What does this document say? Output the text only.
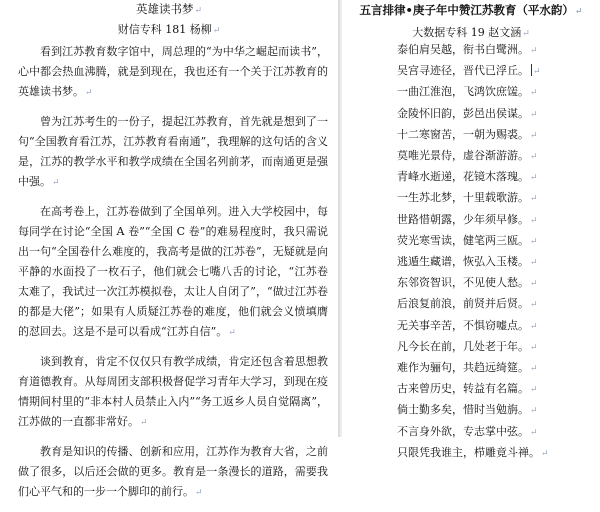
英雄读书梦↵

财信专科 181 杨柳↵

看到江苏教育数字馆中，周总理的“为中华之崛起而读书”，心中都会热血沸腾，就是到现在，我也还有一个关于江苏教育的英雄读书梦。↵

曾为江苏考生的一份子，提起江苏教育，首先就是想到了一句“全国教育看江苏，江苏教育看南通”，我理解的这句话的含义是，江苏的教学水平和教学成绩在全国名列前茅，而南通更是强中强。↵

在高考卷上，江苏卷做到了全国单列。进入大学校园中，每每同学在讨论“全国 A 卷”“全国 C 卷”的难易程度时，我只需说出一句“全国卷什么难度的，我高考是做的江苏卷”，无疑就是向平静的水面投了一枚石子，他们就会七嘴八舌的讨论，“江苏卷太难了，我试过一次江苏模拟卷，太让人自闭了”，“做过江苏卷的都是大佬”；如果有人质疑江苏卷的难度，他们就会义愤填膺的怼回去。这是不是可以看成“江苏自信”。↵

谈到教育，肯定不仅仅只有教学成绩，肯定还包含着思想教育道德教育。从每周团支部积极督促学习青年大学习，到现在疫情期间村里的“非本村人员禁止入内”“务工返乡人员自觉隔离”，江苏做的一直都非常好。↵

教育是知识的传播、创新和应用，江苏作为教育大省，之前做了很多，以后还会做的更多。教育是一条漫长的道路，需要我们心平气和的一步一个脚印的前行。↵

五言排律•庚子年中赞江苏教育（平水韵）↵

大数据专科 19 赵文涵↵

泰伯肩吴越，衔书白鹭洲。↵
吴宫寻迹径，晋代已浮丘。 ↵
一曲江淮泡，飞鸿饮庶馐。↵
金陵怀旧韵，彭邑出侯谋。↵
十二寒窗苦，一朝为赐裘。↵
莫唯光景侍，虚谷渐游游。↵
青峰水逝递，花镜木落瑰。↵
一生苏北梦，十里载歌游。↵
世路惜朝露，少年须早修。↵
荧光寒雪读，健笔两三瓯。↵
逃遁生藏谱，恢弘入玉楼。↵
东邻资智识，不见使人愁。↵
后浪复前浪，前贤并后贤。↵
无关事辛苦，不惧窃嘘点。↵
凡今长在前，几处老于年。↵
难作为骊句，共趋远绮筵。↵
古来曾历史，转益有名篇。↵
倘士勤多矣，惜时当勉旃。↵
不言身外欲，专志掌中弦。↵
只限凭我谁主，栉雕竟斗禅。↵
